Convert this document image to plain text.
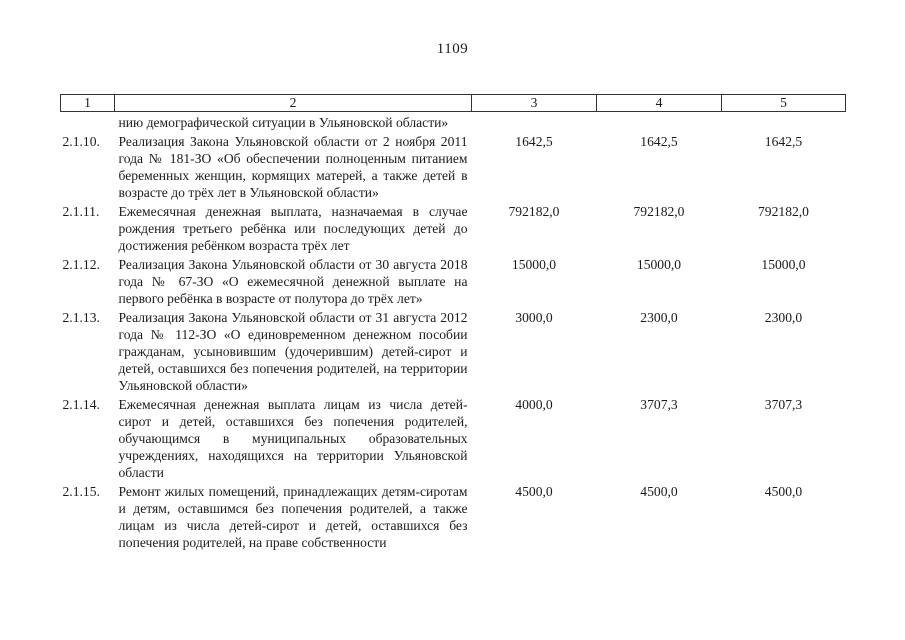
1109
1	2	3	4	5
	нию демографической ситуации в Ульяновской области»			
2.1.10.	Реализация Закона Ульяновской области от 2 ноября 2011 года № 181-ЗО «Об обеспечении полноценным питанием беременных женщин, кормящих матерей, а также детей в возрасте до трёх лет в Ульяновской области»	1642,5	1642,5	1642,5
2.1.11.	Ежемесячная денежная выплата, назначаемая в случае рождения третьего ребёнка или последующих детей до достижения ребёнком возраста трёх лет	792182,0	792182,0	792182,0
2.1.12.	Реализация Закона Ульяновской области от 30 августа 2018 года № 67-ЗО «О ежемесячной денежной выплате на первого ребёнка в возрасте от полутора до трёх лет»	15000,0	15000,0	15000,0
2.1.13.	Реализация Закона Ульяновской области от 31 августа 2012 года № 112-ЗО «О единовременном денежном пособии гражданам, усыновившим (удочерившим) детей-сирот и детей, оставшихся без попечения родителей, на территории Ульяновской области»	3000,0	2300,0	2300,0
2.1.14.	Ежемесячная денежная выплата лицам из числа детей-сирот и детей, оставшихся без попечения родителей, обучающимся в муниципальных образовательных учреждениях, находящихся на территории Ульяновской области	4000,0	3707,3	3707,3
2.1.15.	Ремонт жилых помещений, принадлежащих детям-сиротам и детям, оставшимся без попечения родителей, а также лицам из числа детей-сирот и детей, оставшихся без попечения родителей, на праве собственности	4500,0	4500,0	4500,0
